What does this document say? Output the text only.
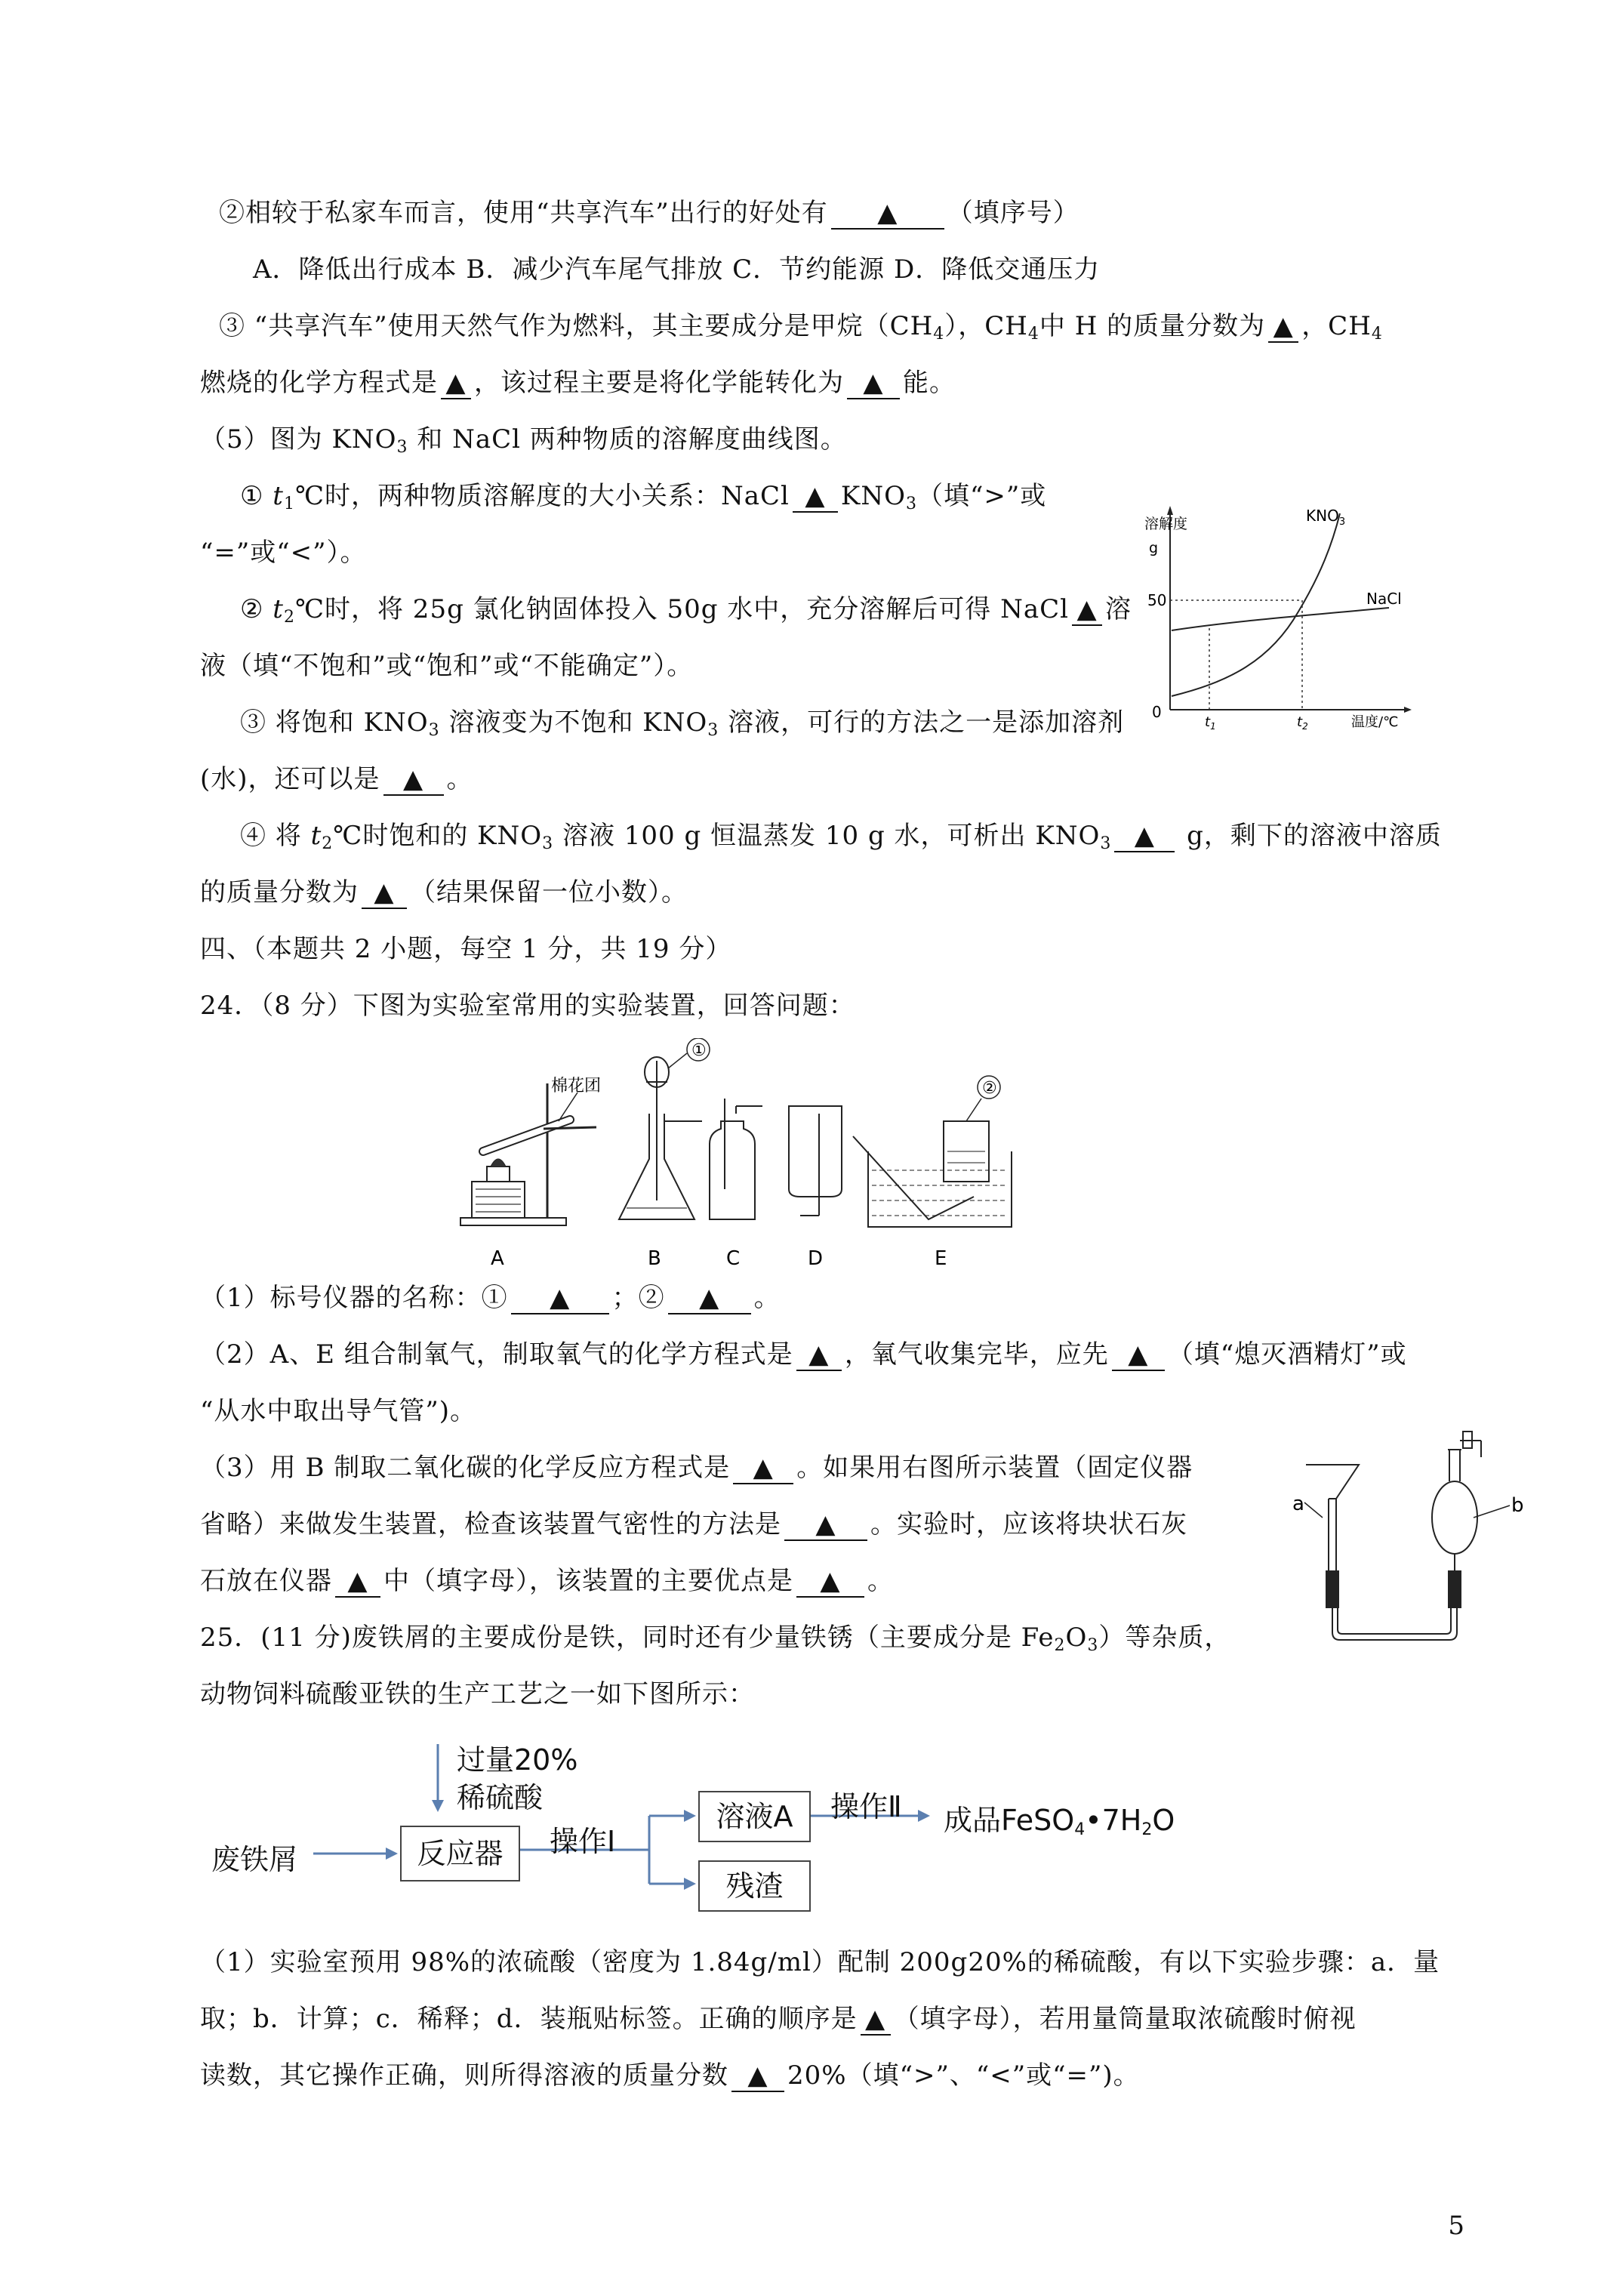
②相较于私家车而言，使用“共享汽车”出行的好处有 ▲ （填序号）
A．降低出行成本 B．减少汽车尾气排放 C．节约能源 D．降低交通压力
③ “共享汽车”使用天然气作为燃料，其主要成分是甲烷$(CH_4)$，$CH_4$中 H 的质量分数为 ▲ ，$CH_4$
燃烧的化学方程式是 ▲ ，该过程主要是将化学能转化为 ▲ 能。
（5）图为 $KNO_3$ 和 NaCl 两种物质的溶解度曲线图。
① $t_1℃$时，两种物质溶解度的大小关系：NaCl ▲ $KNO_3$（填“>”或
“=”或“<”）。
② $t_2℃$时，将 25g 氯化钠固体投入 50g 水中，充分溶解后可得 NaCl ▲ 溶
液（填“不饱和”或“饱和”或“不能确定”）。
③ 将饱和 $KNO_3$ 溶液变为不饱和 $KNO_3$ 溶液，可行的方法之一是添加溶剂
(水)，还可以是 ▲ 。
④ 将 $t_2℃$时饱和的 $KNO_3$ 溶液 100 g 恒温蒸发 10 g 水，可析出 $KNO_3$ ▲ g，剩下的溶液中溶质
的质量分数为 ▲ （结果保留一位小数）。
$KNO_3$
NaCl
溶解度
g
50
0
$t_1$	$t_2$	温度/℃
四、（本题共 2 小题，每空 1 分，共 19 分）
24．（8 分）下图为实验室常用的实验装置，回答问题：
棉花团
A
①
B	C	D
②
E
（1）标号仪器的名称：① ▲ ；② ▲ 。
（2）A、E 组合制氧气，制取氧气的化学方程式是 ▲ ，氧气收集完毕，应先 ▲ （填“熄灭酒精灯”或
“从水中取出导气管”)。
（3）用 B 制取二氧化碳的化学反应方程式是 ▲ 。如果用右图所示装置（固定仪器
省略）来做发生装置，检查该装置气密性的方法是 ▲ 。实验时，应该将块状石灰
石放在仪器 ▲ 中（填字母），该装置的主要优点是 ▲ 。
a	b
25．(11 分)废铁屑的主要成份是铁，同时还有少量铁锈（主要成分是 $Fe_2O_3$）等杂质，
动物饲料硫酸亚铁的生产工艺之一如下图所示：
过量20%
稀硫酸
废铁屑	反应器	操作Ⅰ
溶液A
残渣
操作Ⅱ 成品$FeSO_4•7H_2O$
（1）实验室预用 98%的浓硫酸（密度为 1.84g/ml）配制 200g20%的稀硫酸，有以下实验步骤：a．量
取；b．计算；c．稀释；d．装瓶贴标签。正确的顺序是 ▲ （填字母），若用量筒量取浓硫酸时俯视
读数，其它操作正确，则所得溶液的质量分数 ▲ 20%（填“>”、“<”或“=”)。
5
